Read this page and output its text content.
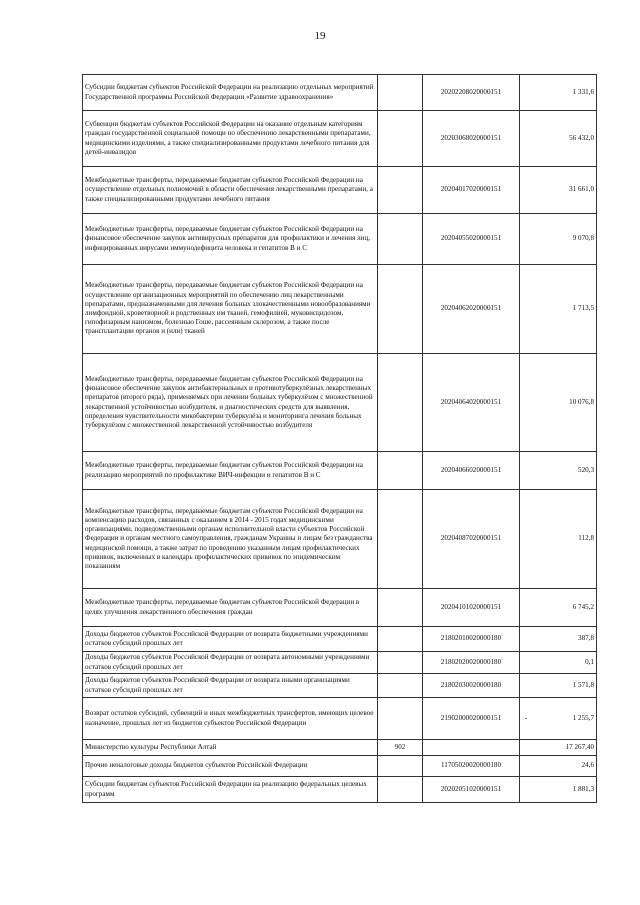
19
Субсидии бюджетам субъектов Российской Федерации на реализацию отдельных мероприятий Государственной программы Российской Федерации «Развитие здравоохранения»		20202208020000151		1 331,6
Субвенции бюджетам субъектов Российской Федерации на оказание отдельным категориям граждан государственной социальной помощи по обеспечению лекарственными препаратами, медицинскими изделиями, а также специализированными продуктами лечебного питания для детей-инвалидов		20203068020000151		56 432,0
Межбюджетные трансферты, передаваемые бюджетам субъектов Российской Федерации на осуществление отдельных полномочий в области обеспечения лекарственными препаратами, а также специализированными продуктами лечебного питания		20204017020000151		31 661,0
Межбюджетные трансферты, передаваемые бюджетам субъектов Российской Федерации на финансовое обеспечение закупок антивирусных препаратов для профилактики и лечения лиц, инфицированных вирусами иммунодефицита человека и гепатитов В и С		20204055020000151		9 070,8
Межбюджетные трансферты, передаваемые бюджетам субъектов Российской Федерации на осуществление организационных мероприятий по обеспечению лиц лекарственными препаратами, предназначенными для лечения больных злокачественными новообразованиями лимфоидной, кроветворной и родственных им тканей, гемофилией, муковисцидозом, гипофизарным нанизмом, болезнью Гоше, рассеянным склерозом, а также после трансплантации органов и (или) тканей		20204062020000151		1 713,5
Межбюджетные трансферты, передаваемые бюджетам субъектов Российской Федерации на финансовое обеспечение закупок антибактериальных и противотуберкулёзных лекарственных препаратов (второго ряда), применяемых при лечении больных туберкулёзом с множественной лекарственной устойчивостью возбудителя, и диагностических средств для выявления, определения чувствительности микобактерии туберкулёза и мониторинга лечения больных туберкулёзом с множественной лекарственной устойчивостью возбудителя		20204064020000151		10 076,8
Межбюджетные трансферты, передаваемые бюджетам субъектов Российской Федерации на реализацию мероприятий по профилактике ВИЧ-инфекции и гепатитов В и С		20204066020000151		520,3
Межбюджетные трансферты, передаваемые бюджетам субъектов Российской Федерации на компенсацию расходов, связанных с оказанием в 2014 - 2015 годах медицинскими организациями, подведомственными органам исполнительной власти субъектов Российской Федерации и органам местного самоуправления, гражданам Украины и лицам без гражданства медицинской помощи, а также затрат по проведению указанным лицам профилактических прививок, включенных в календарь профилактических прививок по эпидемическим показаниям		20204087020000151		112,8
Межбюджетные трансферты, передаваемые бюджетам субъектов Российской Федерации в целях улучшения лекарственного обеспечения граждан		20204101020000151		6 745,2
Доходы бюджетов субъектов Российской Федерации от возврата бюджетными учреждениями остатков субсидий прошлых лет		21802010020000180		387,8
Доходы бюджетов субъектов Российской Федерации от возврата автономными учреждениями остатков субсидий прошлых лет		21802020020000180		0,1
Доходы бюджетов субъектов Российской Федерации от возврата иными организациями остатков субсидий прошлых лет		21802030020000180		1 571,8
Возврат остатков субсидий, субвенций и иных межбюджетных трансфертов, имеющих целевое назначение, прошлых лет из бюджетов субъектов Российской Федерации		21902000020000151	-	1 255,7
Министерство культуры Республики Алтай	902			17 267,40
Прочие неналоговые доходы бюджетов субъектов Российской Федерации		11705020020000180		24,6
Субсидии бюджетам субъектов Российской Федерации на реализацию федеральных целевых программ		20202051020000151		1 881,3
